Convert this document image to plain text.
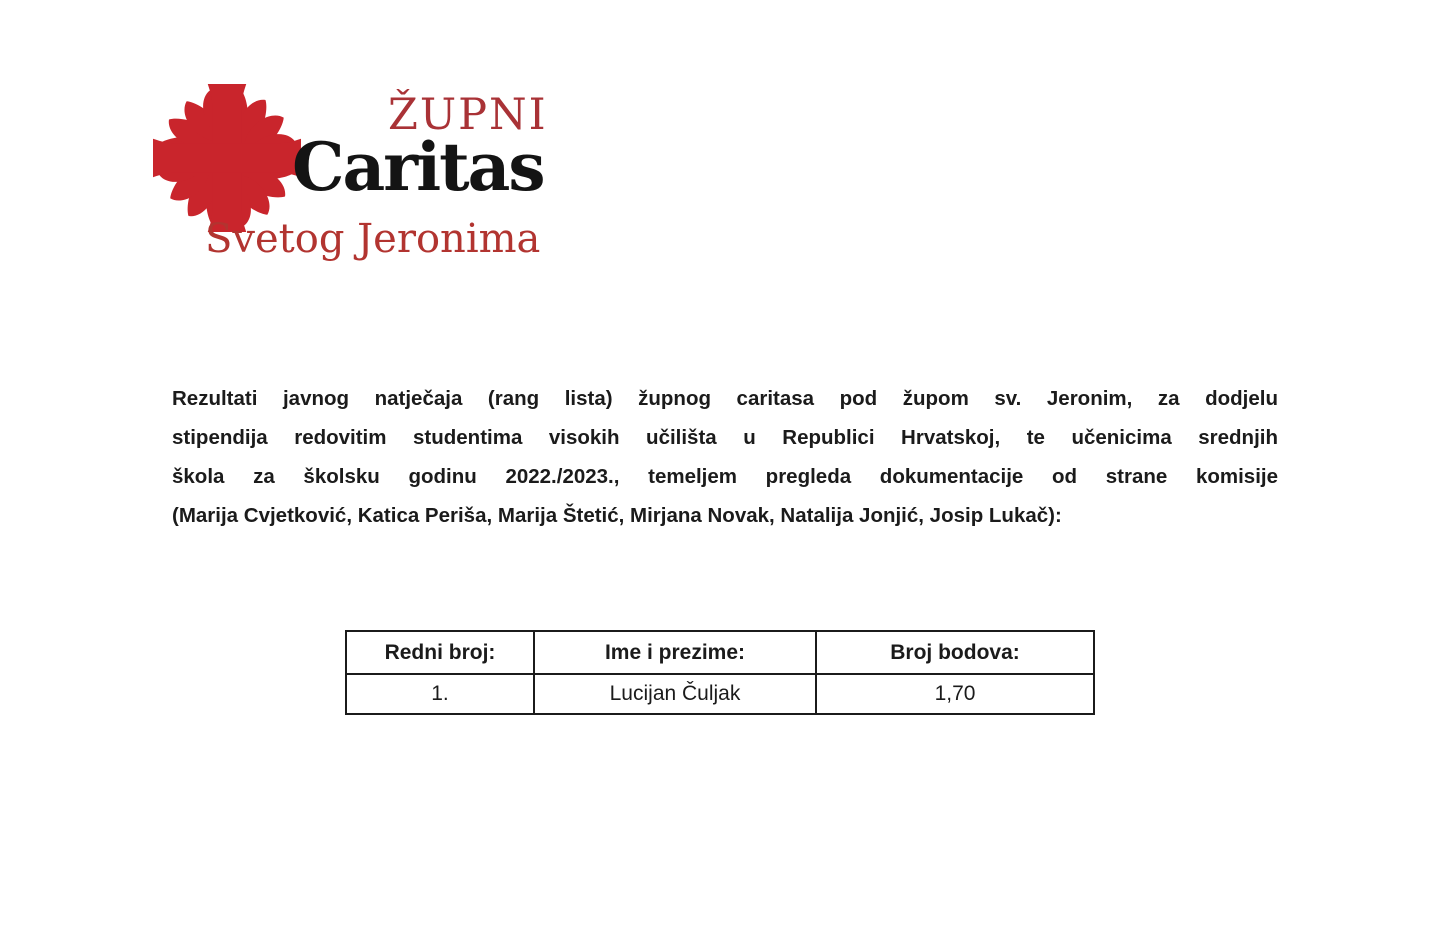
ŽUPNI
Caritas
Svetog Jeronima
Rezultati javnog natječaja (rang lista) župnog caritasa pod župom sv. Jeronim, za dodjelu
stipendija redovitim studentima visokih učilišta u Republici Hrvatskoj, te učenicima srednjih
škola za školsku godinu 2022./2023., temeljem pregleda dokumentacije od strane komisije
(Marija Cvjetković, Katica Periša, Marija Štetić, Mirjana Novak, Natalija Jonjić, Josip Lukač):
Redni broj:	Ime i prezime:	Broj bodova:
1.	Lucijan Čuljak	1,70
